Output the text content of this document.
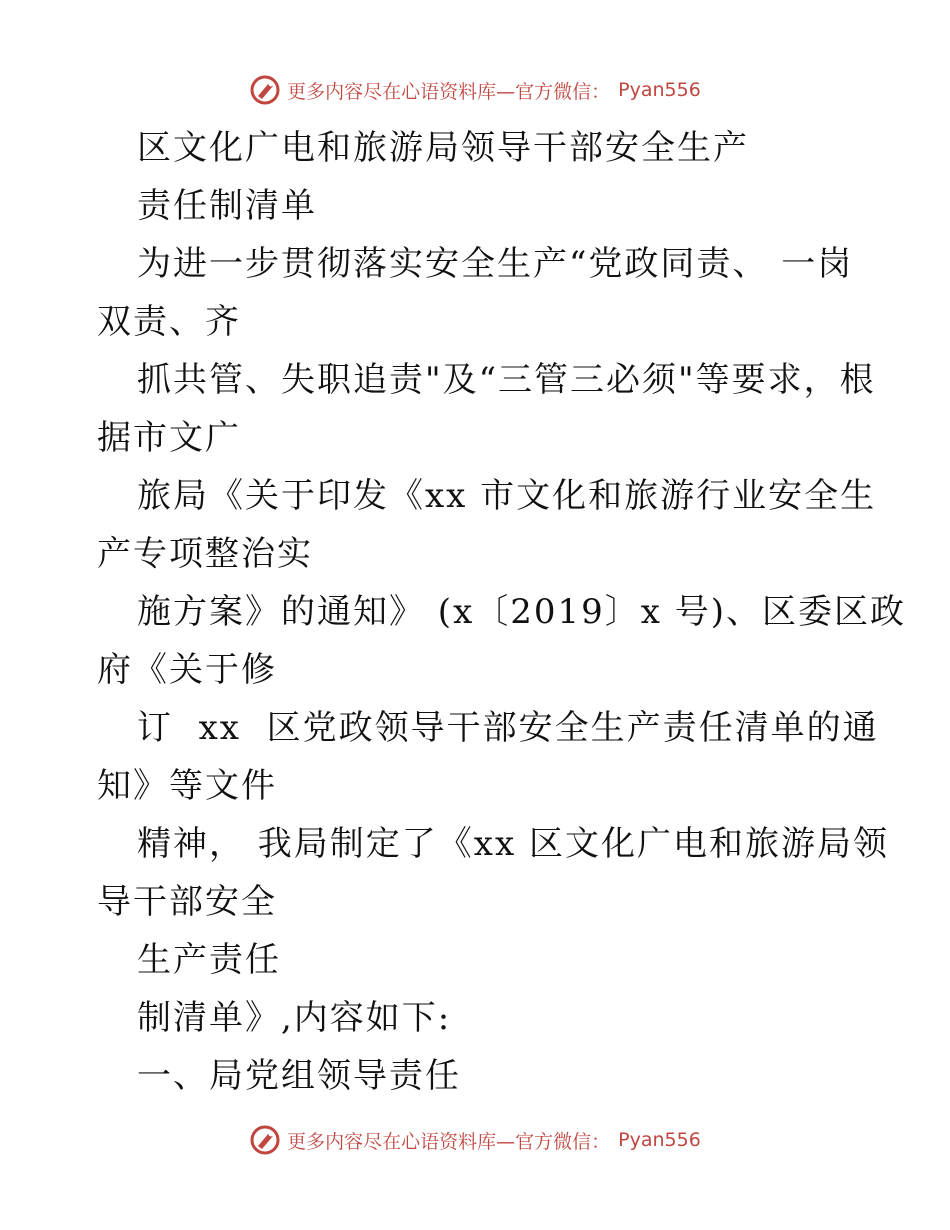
更多内容尽在心语资料库—官方微信： Pyan556
区文化广电和旅游局领导干部安全生产
责任制清单
为进一步贯彻落实安全生产“党政同责、 一岗
双责、齐
抓共管、失职追责"及“三管三必须"等要求，根
据市文广
旅局《关于印发《xx 市文化和旅游行业安全生
产专项整治实
施方案》的通知》 (x〔2019〕x 号)、区委区政
府《关于修
订  xx  区党政领导干部安全生产责任清单的通
知》等文件
精神， 我局制定了《xx 区文化广电和旅游局领
导干部安全
生产责任
制清单》,内容如下:
一、局党组领导责任
更多内容尽在心语资料库—官方微信： Pyan556
